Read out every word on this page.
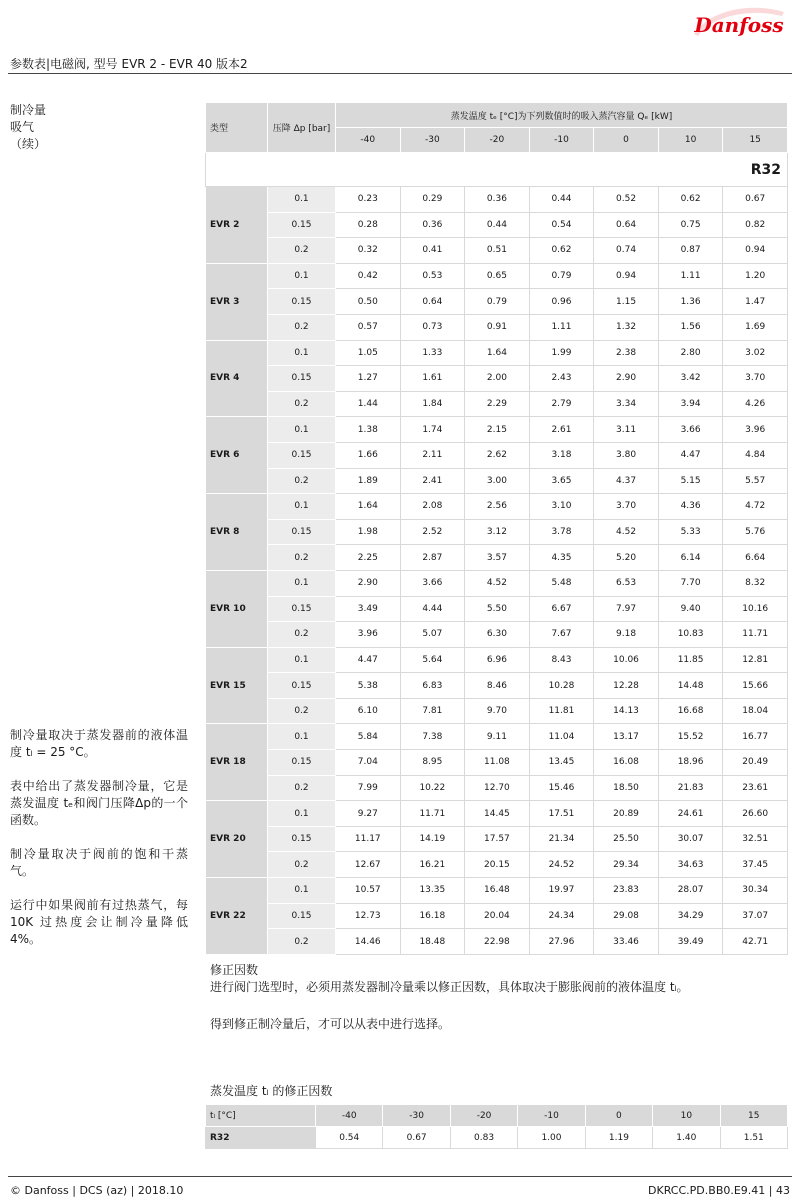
Danfoss
参数表|电磁阀, 型号 EVR 2 - EVR 40 版本2
制冷量
吸气
（续）
类型	压降 Δp [bar]	蒸发温度 tₑ [°C]为下列数值时的吸入蒸汽容量 Qₑ [kW]						
		-40	-30	-20	-10	0	10	15
R32								
EVR 2	0.1	0.23	0.29	0.36	0.44	0.52	0.62	0.67
	0.15	0.28	0.36	0.44	0.54	0.64	0.75	0.82
	0.2	0.32	0.41	0.51	0.62	0.74	0.87	0.94
EVR 3	0.1	0.42	0.53	0.65	0.79	0.94	1.11	1.20
	0.15	0.50	0.64	0.79	0.96	1.15	1.36	1.47
	0.2	0.57	0.73	0.91	1.11	1.32	1.56	1.69
EVR 4	0.1	1.05	1.33	1.64	1.99	2.38	2.80	3.02
	0.15	1.27	1.61	2.00	2.43	2.90	3.42	3.70
	0.2	1.44	1.84	2.29	2.79	3.34	3.94	4.26
EVR 6	0.1	1.38	1.74	2.15	2.61	3.11	3.66	3.96
	0.15	1.66	2.11	2.62	3.18	3.80	4.47	4.84
	0.2	1.89	2.41	3.00	3.65	4.37	5.15	5.57
EVR 8	0.1	1.64	2.08	2.56	3.10	3.70	4.36	4.72
	0.15	1.98	2.52	3.12	3.78	4.52	5.33	5.76
	0.2	2.25	2.87	3.57	4.35	5.20	6.14	6.64
EVR 10	0.1	2.90	3.66	4.52	5.48	6.53	7.70	8.32
	0.15	3.49	4.44	5.50	6.67	7.97	9.40	10.16
	0.2	3.96	5.07	6.30	7.67	9.18	10.83	11.71
EVR 15	0.1	4.47	5.64	6.96	8.43	10.06	11.85	12.81
	0.15	5.38	6.83	8.46	10.28	12.28	14.48	15.66
	0.2	6.10	7.81	9.70	11.81	14.13	16.68	18.04
EVR 18	0.1	5.84	7.38	9.11	11.04	13.17	15.52	16.77
	0.15	7.04	8.95	11.08	13.45	16.08	18.96	20.49
	0.2	7.99	10.22	12.70	15.46	18.50	21.83	23.61
EVR 20	0.1	9.27	11.71	14.45	17.51	20.89	24.61	26.60
	0.15	11.17	14.19	17.57	21.34	25.50	30.07	32.51
	0.2	12.67	16.21	20.15	24.52	29.34	34.63	37.45
EVR 22	0.1	10.57	13.35	16.48	19.97	23.83	28.07	30.34
	0.15	12.73	16.18	20.04	24.34	29.08	34.29	37.07
	0.2	14.46	18.48	22.98	27.96	33.46	39.49	42.71

制冷量取决于蒸发器前的液体温度 tₗ = 25 °C。

表中给出了蒸发器制冷量，它是蒸发温度 tₑ和阀门压降Δp的一个函数。

制冷量取决于阀前的饱和干蒸气。

运行中如果阀前有过热蒸气，每 10K 过热度会让制冷量降低 4%。

修正因数
进行阀门选型时，必须用蒸发器制冷量乘以修正因数，具体取决于膨胀阀前的液体温度 tₗ。
得到修正制冷量后，才可以从表中进行选择。
蒸发温度 tₗ 的修正因数
tₗ [°C]	-40	-30	-20	-10	0	10	15
R32	0.54	0.67	0.83	1.00	1.19	1.40	1.51
© Danfoss | DCS (az) | 2018.10	DKRCC.PD.BB0.E9.41 | 43
